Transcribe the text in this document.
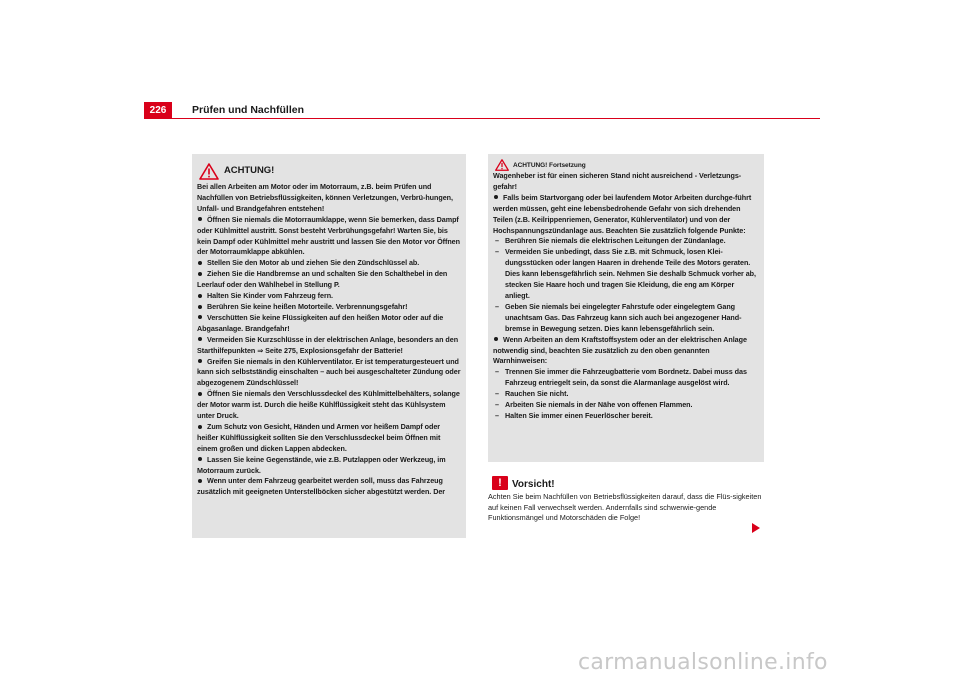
226	Prüfen und Nachfüllen
ACHTUNG!

Bei allen Arbeiten am Motor oder im Motorraum, z.B. beim Prüfen und Nachfüllen von Betriebsflüssigkeiten, können Verletzungen, Verbrü-hungen, Unfall- und Brandgefahren entstehen!

Öffnen Sie niemals die Motorraumklappe, wenn Sie bemerken, dass Dampf oder Kühlmittel austritt. Sonst besteht Verbrühungsgefahr! Warten Sie, bis kein Dampf oder Kühlmittel mehr austritt und lassen Sie den Motor vor Öffnen der Motorraumklappe abkühlen.

Stellen Sie den Motor ab und ziehen Sie den Zündschlüssel ab.

Ziehen Sie die Handbremse an und schalten Sie den Schalthebel in den Leerlauf oder den Wählhebel in Stellung P.

Halten Sie Kinder vom Fahrzeug fern.

Berühren Sie keine heißen Motorteile. Verbrennungsgefahr!

Verschütten Sie keine Flüssigkeiten auf den heißen Motor oder auf die Abgasanlage. Brandgefahr!

Vermeiden Sie Kurzschlüsse in der elektrischen Anlage, besonders an den Starthilfepunkten ⇒ Seite 275, Explosionsgefahr der Batterie!

Greifen Sie niemals in den Kühlerventilator. Er ist temperaturgesteuert und kann sich selbstständig einschalten – auch bei ausgeschalteter Zündung oder abgezogenem Zündschlüssel!

Öffnen Sie niemals den Verschlussdeckel des Kühlmittelbehälters, solange der Motor warm ist. Durch die heiße Kühlflüssigkeit steht das Kühlsystem unter Druck.

Zum Schutz von Gesicht, Händen und Armen vor heißem Dampf oder heißer Kühlflüssigkeit sollten Sie den Verschlussdeckel beim Öffnen mit einem großen und dicken Lappen abdecken.

Lassen Sie keine Gegenstände, wie z.B. Putzlappen oder Werkzeug, im Motorraum zurück.

Wenn unter dem Fahrzeug gearbeitet werden soll, muss das Fahrzeug zusätzlich mit geeigneten Unterstellböcken sicher abgestützt werden. Der

ACHTUNG! Fortsetzung

Wagenheber ist für einen sicheren Stand nicht ausreichend - Verletzungs-gefahr!

Falls beim Startvorgang oder bei laufendem Motor Arbeiten durchge-führt werden müssen, geht eine lebensbedrohende Gefahr von sich drehenden Teilen (z.B. Keilrippenriemen, Generator, Kühlerventilator) und von der Hochspannungszündanlage aus. Beachten Sie zusätzlich folgende Punkte:

– Berühren Sie niemals die elektrischen Leitungen der Zündanlage.

– Vermeiden Sie unbedingt, dass Sie z.B. mit Schmuck, losen Klei-dungsstücken oder langen Haaren in drehende Teile des Motors geraten. Dies kann lebensgefährlich sein. Nehmen Sie deshalb Schmuck vorher ab, stecken Sie Haare hoch und tragen Sie Kleidung, die eng am Körper anliegt.

– Geben Sie niemals bei eingelegter Fahrstufe oder eingelegtem Gang unachtsam Gas. Das Fahrzeug kann sich auch bei angezogener Hand-bremse in Bewegung setzen. Dies kann lebensgefährlich sein.

Wenn Arbeiten an dem Kraftstoffsystem oder an der elektrischen Anlage notwendig sind, beachten Sie zusätzlich zu den oben genannten Warnhinweisen:

– Trennen Sie immer die Fahrzeugbatterie vom Bordnetz. Dabei muss das Fahrzeug entriegelt sein, da sonst die Alarmanlage ausgelöst wird.

– Rauchen Sie nicht.

– Arbeiten Sie niemals in der Nähe von offenen Flammen.

– Halten Sie immer einen Feuerlöscher bereit.

!	Vorsicht!

Achten Sie beim Nachfüllen von Betriebsflüssigkeiten darauf, dass die Flüs-sigkeiten auf keinen Fall verwechselt werden. Andernfalls sind schwerwie-gende Funktionsmängel und Motorschäden die Folge!

carmanualsonline.info
